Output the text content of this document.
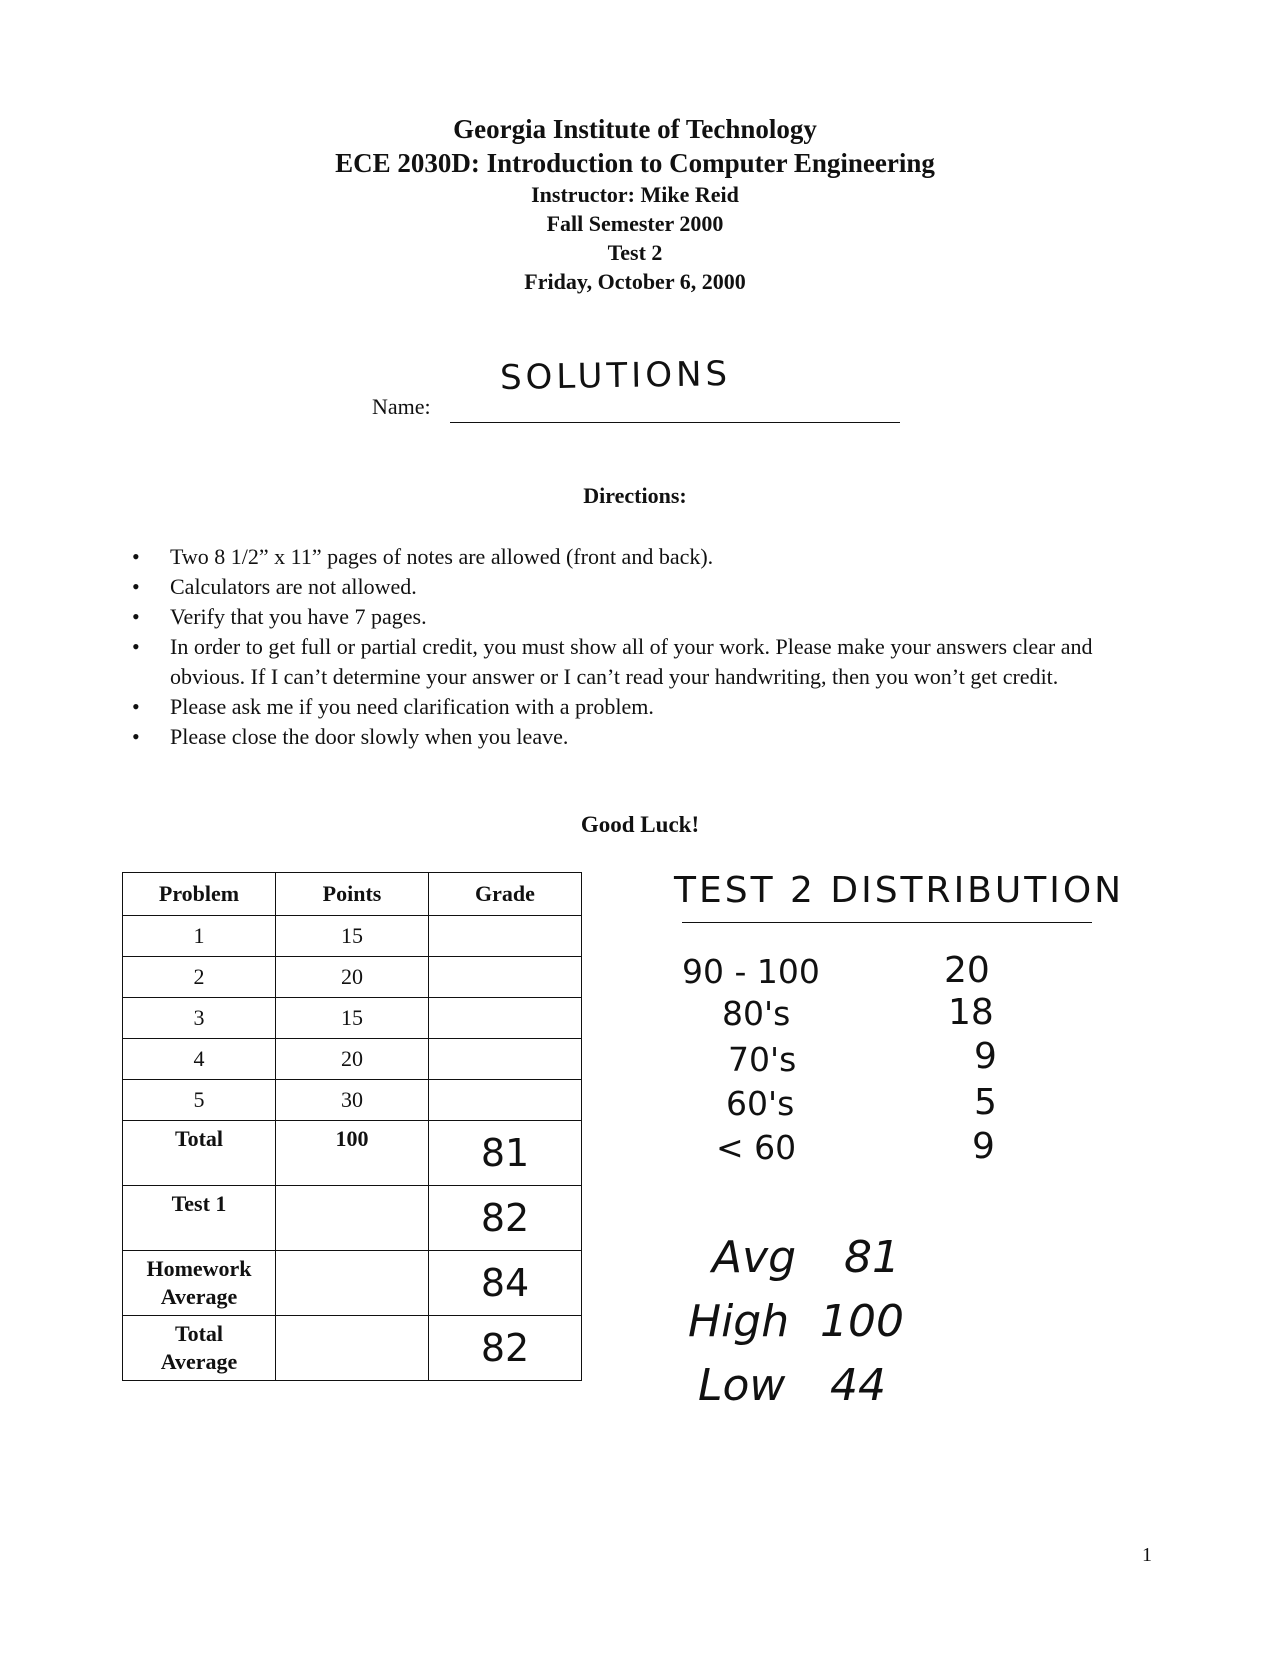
Georgia Institute of Technology
ECE 2030D: Introduction to Computer Engineering
Instructor: Mike Reid
Fall Semester 2000
Test 2
Friday, October 6, 2000
Name:
SOLUTIONS
Directions:
• Two 8 1/2” x 11” pages of notes are allowed (front and back).
• Calculators are not allowed.
• Verify that you have 7 pages.
• In order to get full or partial credit, you must show all of your work. Please make your answers clear and obvious. If I can’t determine your answer or I can’t read your handwriting, then you won’t get credit.
• Please ask me if you need clarification with a problem.
• Please close the door slowly when you leave.
Good Luck!
Problem	Points	Grade
1	15	
2	20	
3	15	
4	20	
5	30	
Total	100	81
Test 1		82

Homework
Average		84

Total
Average		82
TEST 2 DISTRIBUTION
90 - 100	20
80's	18
70's	9
60's	5
< 60	9
Avg 81
High 100
Low 44
1
